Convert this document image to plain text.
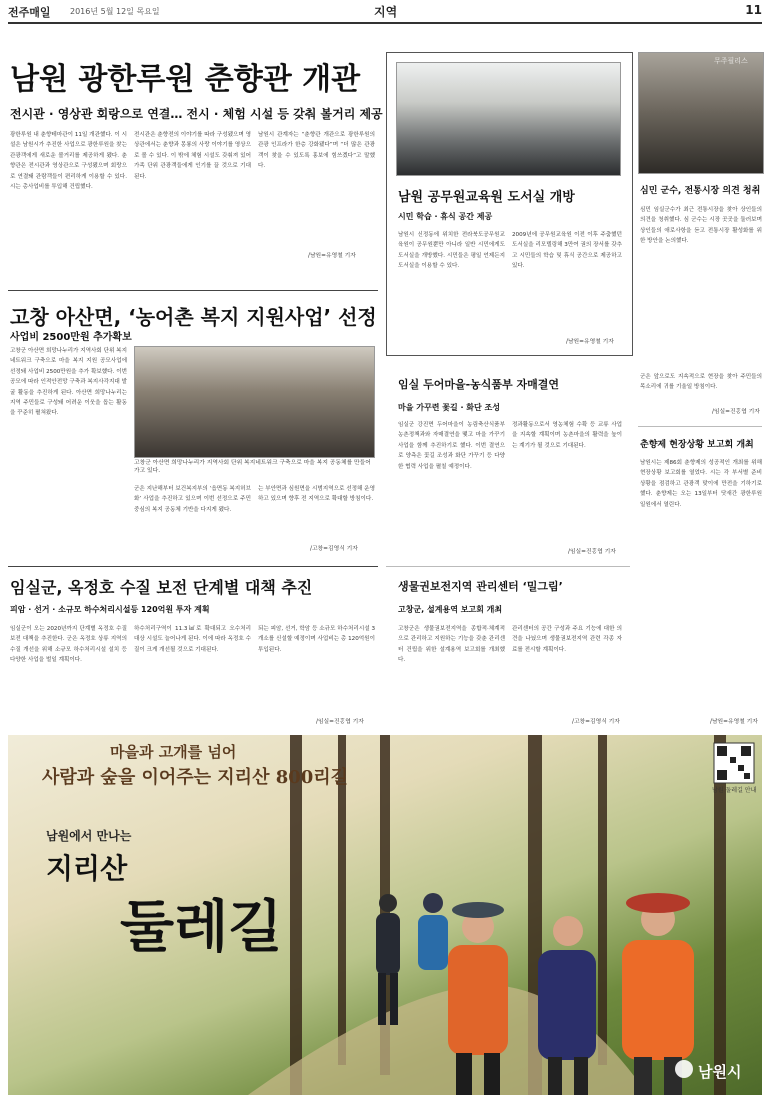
전주매일 2016년 5월 12일 목요일	지역	11
남원 광한루원 춘향관 개관
전시관 · 영상관 회랑으로 연결… 전시 · 체험 시설 등 갖춰 볼거리 제공
광한루원 내 춘향테마관이 11일 개관했다. 이 시설은 남원시가 추진한 사업으로 광한루원을 찾는 관광객에게 새로운 볼거리를 제공하게 됐다. 춘향관은 전시관과 영상관으로 구성됐으며 회랑으로 연결돼 관람객들이 편리하게 이용할 수 있다. 시는 총사업비를 투입해 건립했다.
전시관은 춘향전의 이야기를 따라 구성됐으며 영상관에서는 춘향과 몽룡의 사랑 이야기를 영상으로 볼 수 있다. 이 밖에 체험 시설도 갖춰져 있어 가족 단위 관광객들에게 인기를 끌 것으로 기대된다.
남원시 관계자는 “춘향관 개관으로 광한루원의 관광 인프라가 한층 강화됐다”며 “더 많은 관광객이 찾을 수 있도록 홍보에 힘쓰겠다”고 말했다.
/남원=유영철 기자
고창 아산면, ‘농어촌 복지 지원사업’ 선정
사업비 2500만원 추가확보
고창군 아산면 희망나누리가 지역사회 단위 복지네트워크 구축으로 마을 복지 지원 공모사업에 선정돼 사업비 2500만원을 추가 확보했다. 이번 공모에 따라 인적안전망 구축과 복지사각지대 발굴 활동을 추진하게 된다. 아산면 희망나누리는 지역 주민들로 구성돼 어려운 이웃을 돕는 활동을 꾸준히 펼쳐왔다.
고창군 아산면 희망나누리가 지역사회 단위 복지네트워크 구축으로 마을 복지 공동체를 만들어가고 있다.
군은 지난해부터 보건복지부의 ‘읍면동 복지허브화’ 사업을 추진하고 있으며 이번 선정으로 주민 중심의 복지 공동체 기반을 다지게 됐다.
는 부안면과 심원면을 시범지역으로 선정해 운영하고 있으며 향후 전 지역으로 확대할 방침이다.
/고창=김영식 기자
임실군, 옥정호 수질 보전 단계별 대책 추진
피암 · 선거 · 소규모 하수처리시설등 120억원 투자 계획
임실군이 오는 2020년까지 단계별 옥정호 수질 보전 대책을 추진한다. 군은 옥정호 상류 지역의 수질 개선을 위해 소규모 하수처리시설 설치 등 다양한 사업을 벌일 계획이다.
하수처리구역이 11.3㎢로 확대되고 오수처리 대상 시설도 늘어나게 된다. 이에 따라 옥정호 수질이 크게 개선될 것으로 기대된다.
되는 피암, 선거, 학암 등 소규모 하수처리시설 3개소를 신설할 예정이며 사업비는 총 120억원이 투입된다.
/임실=진홍엽 기자
남원 공무원교육원 도서실 개방
시민 학습 · 휴식 공간 제공
남원시 신정동에 위치한 전라북도공무원교육원이 공무원뿐만 아니라 일반 시민에게도 도서실을 개방했다. 시민들은 평일 언제든지 도서실을 이용할 수 있다.
2009년에 공무원교육원 이전 이후 주춤했던 도서실을 리모델링해 3만여 권의 장서를 갖추고 시민들의 학습 및 휴식 공간으로 제공하고 있다.
/남원=유영철 기자
임실 두어마을-농식품부 자매결연
마을 가꾸련 꽃길 · 화단 조성
임실군 강진면 두어마을이 농림축산식품부 농촌정책과와 자매결연을 맺고 마을 가꾸기 사업을 함께 추진하기로 했다. 이번 결연으로 양측은 꽃길 조성과 화단 가꾸기 등 다양한 협력 사업을 펼칠 예정이다.
정과활동으로서 영농체험 수확 등 교류 사업을 지속할 계획이며 농촌마을의 활력을 높이는 계기가 될 것으로 기대된다.
/임실=진홍엽 기자
생물권보전지역 관리센터 ‘밀그림’
고창군, 설계용역 보고회 개최
고창군은 생물권보전지역을 종합적·체계적으로 관리하고 지원하는 기능을 갖춘 관리센터 건립을 위한 설계용역 보고회를 개최했다.
관리센터의 공간 구성과 주요 기능에 대한 의견을 나눴으며 생물권보전지역 관련 각종 자료를 전시할 계획이다.
/고창=김영식 기자
무주필리스
심민 군수, 전통시장 의견 청취
심민 임실군수가 최근 전통시장을 찾아 상인들의 의견을 청취했다. 심 군수는 시장 곳곳을 둘러보며 상인들의 애로사항을 듣고 전통시장 활성화를 위한 방안을 논의했다.
군은 앞으로도 지속적으로 현장을 찾아 주민들의 목소리에 귀를 기울일 방침이다.
/임실=진홍엽 기자
춘향제 현장상황 보고회 개최
남원시는 제86회 춘향제의 성공적인 개최를 위해 현장상황 보고회를 열었다. 시는 각 부서별 준비 상황을 점검하고 관광객 맞이에 만전을 기하기로 했다. 춘향제는 오는 13일부터 닷새간 광한루원 일원에서 열린다.
/남원=유영철 기자
마을과 고개를 넘어
사람과 숲을 이어주는 지리산 800리길
남원에서 만나는
지리산
둘레길
남원 둘레길 안내
남원시
